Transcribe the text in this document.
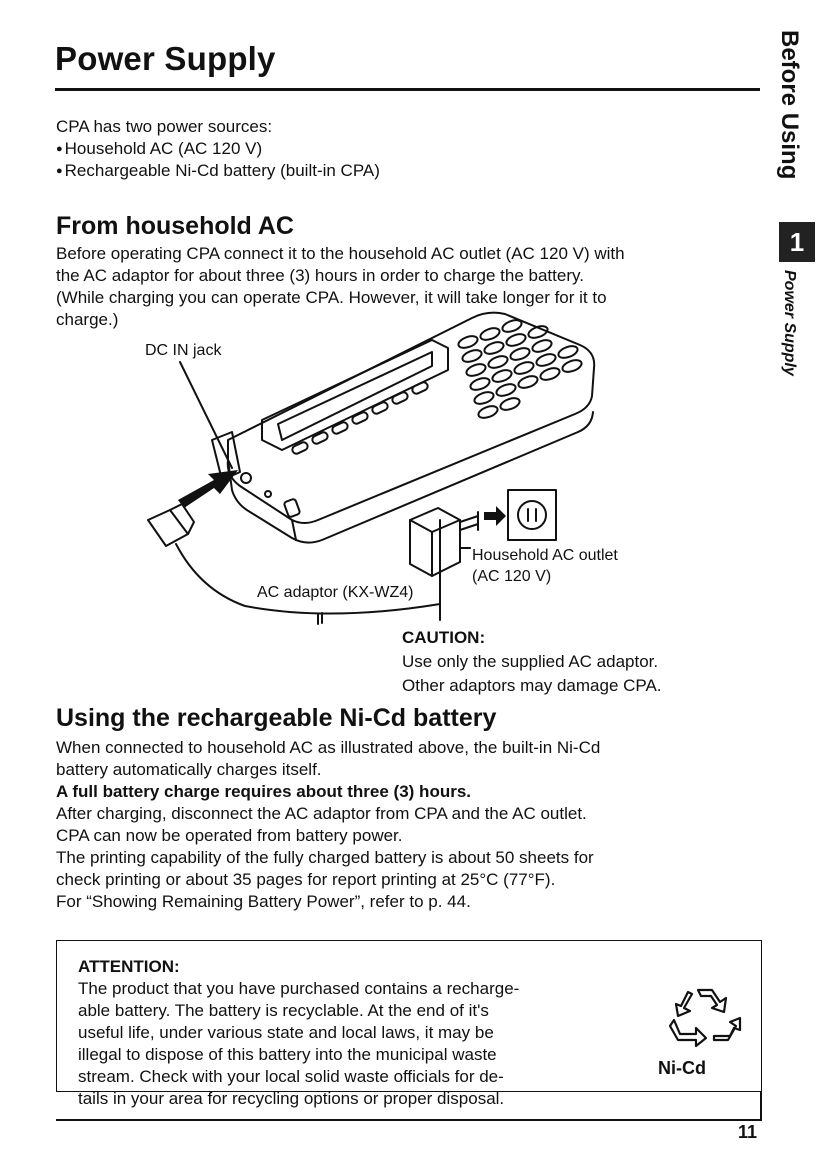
Power Supply

CPA has two power sources:

● Household AC (AC 120 V)
● Rechargeable Ni-Cd battery (built-in CPA)
From household AC

Before operating CPA connect it to the household AC outlet (AC 120 V) with

the AC adaptor for about three (3) hours in order to charge the battery.

(While charging you can operate CPA. However, it will take longer for it to

charge.)

DC IN jack
AC adaptor (KX-WZ4)
Household AC outlet
(AC 120 V)
CAUTION:
Use only the supplied AC adaptor.
Other adaptors may damage CPA.
Using the rechargeable Ni-Cd battery

When connected to household AC as illustrated above, the built-in Ni-Cd

battery automatically charges itself.

A full battery charge requires about three (3) hours.

After charging, disconnect the AC adaptor from CPA and the AC outlet.

CPA can now be operated from battery power.

The printing capability of the fully charged battery is about 50 sheets for

check printing or about 35 pages for report printing at 25°C (77°F).

For “Showing Remaining Battery Power”, refer to p. 44.

ATTENTION:

The product that you have purchased contains a recharge-

able battery. The battery is recyclable. At the end of it's

useful life, under various state and local laws, it may be

illegal to dispose of this battery into the municipal waste

stream. Check with your local solid waste officials for de-

tails in your area for recycling options or proper disposal.

Ni-Cd
11
Before Using
1
Power Supply
